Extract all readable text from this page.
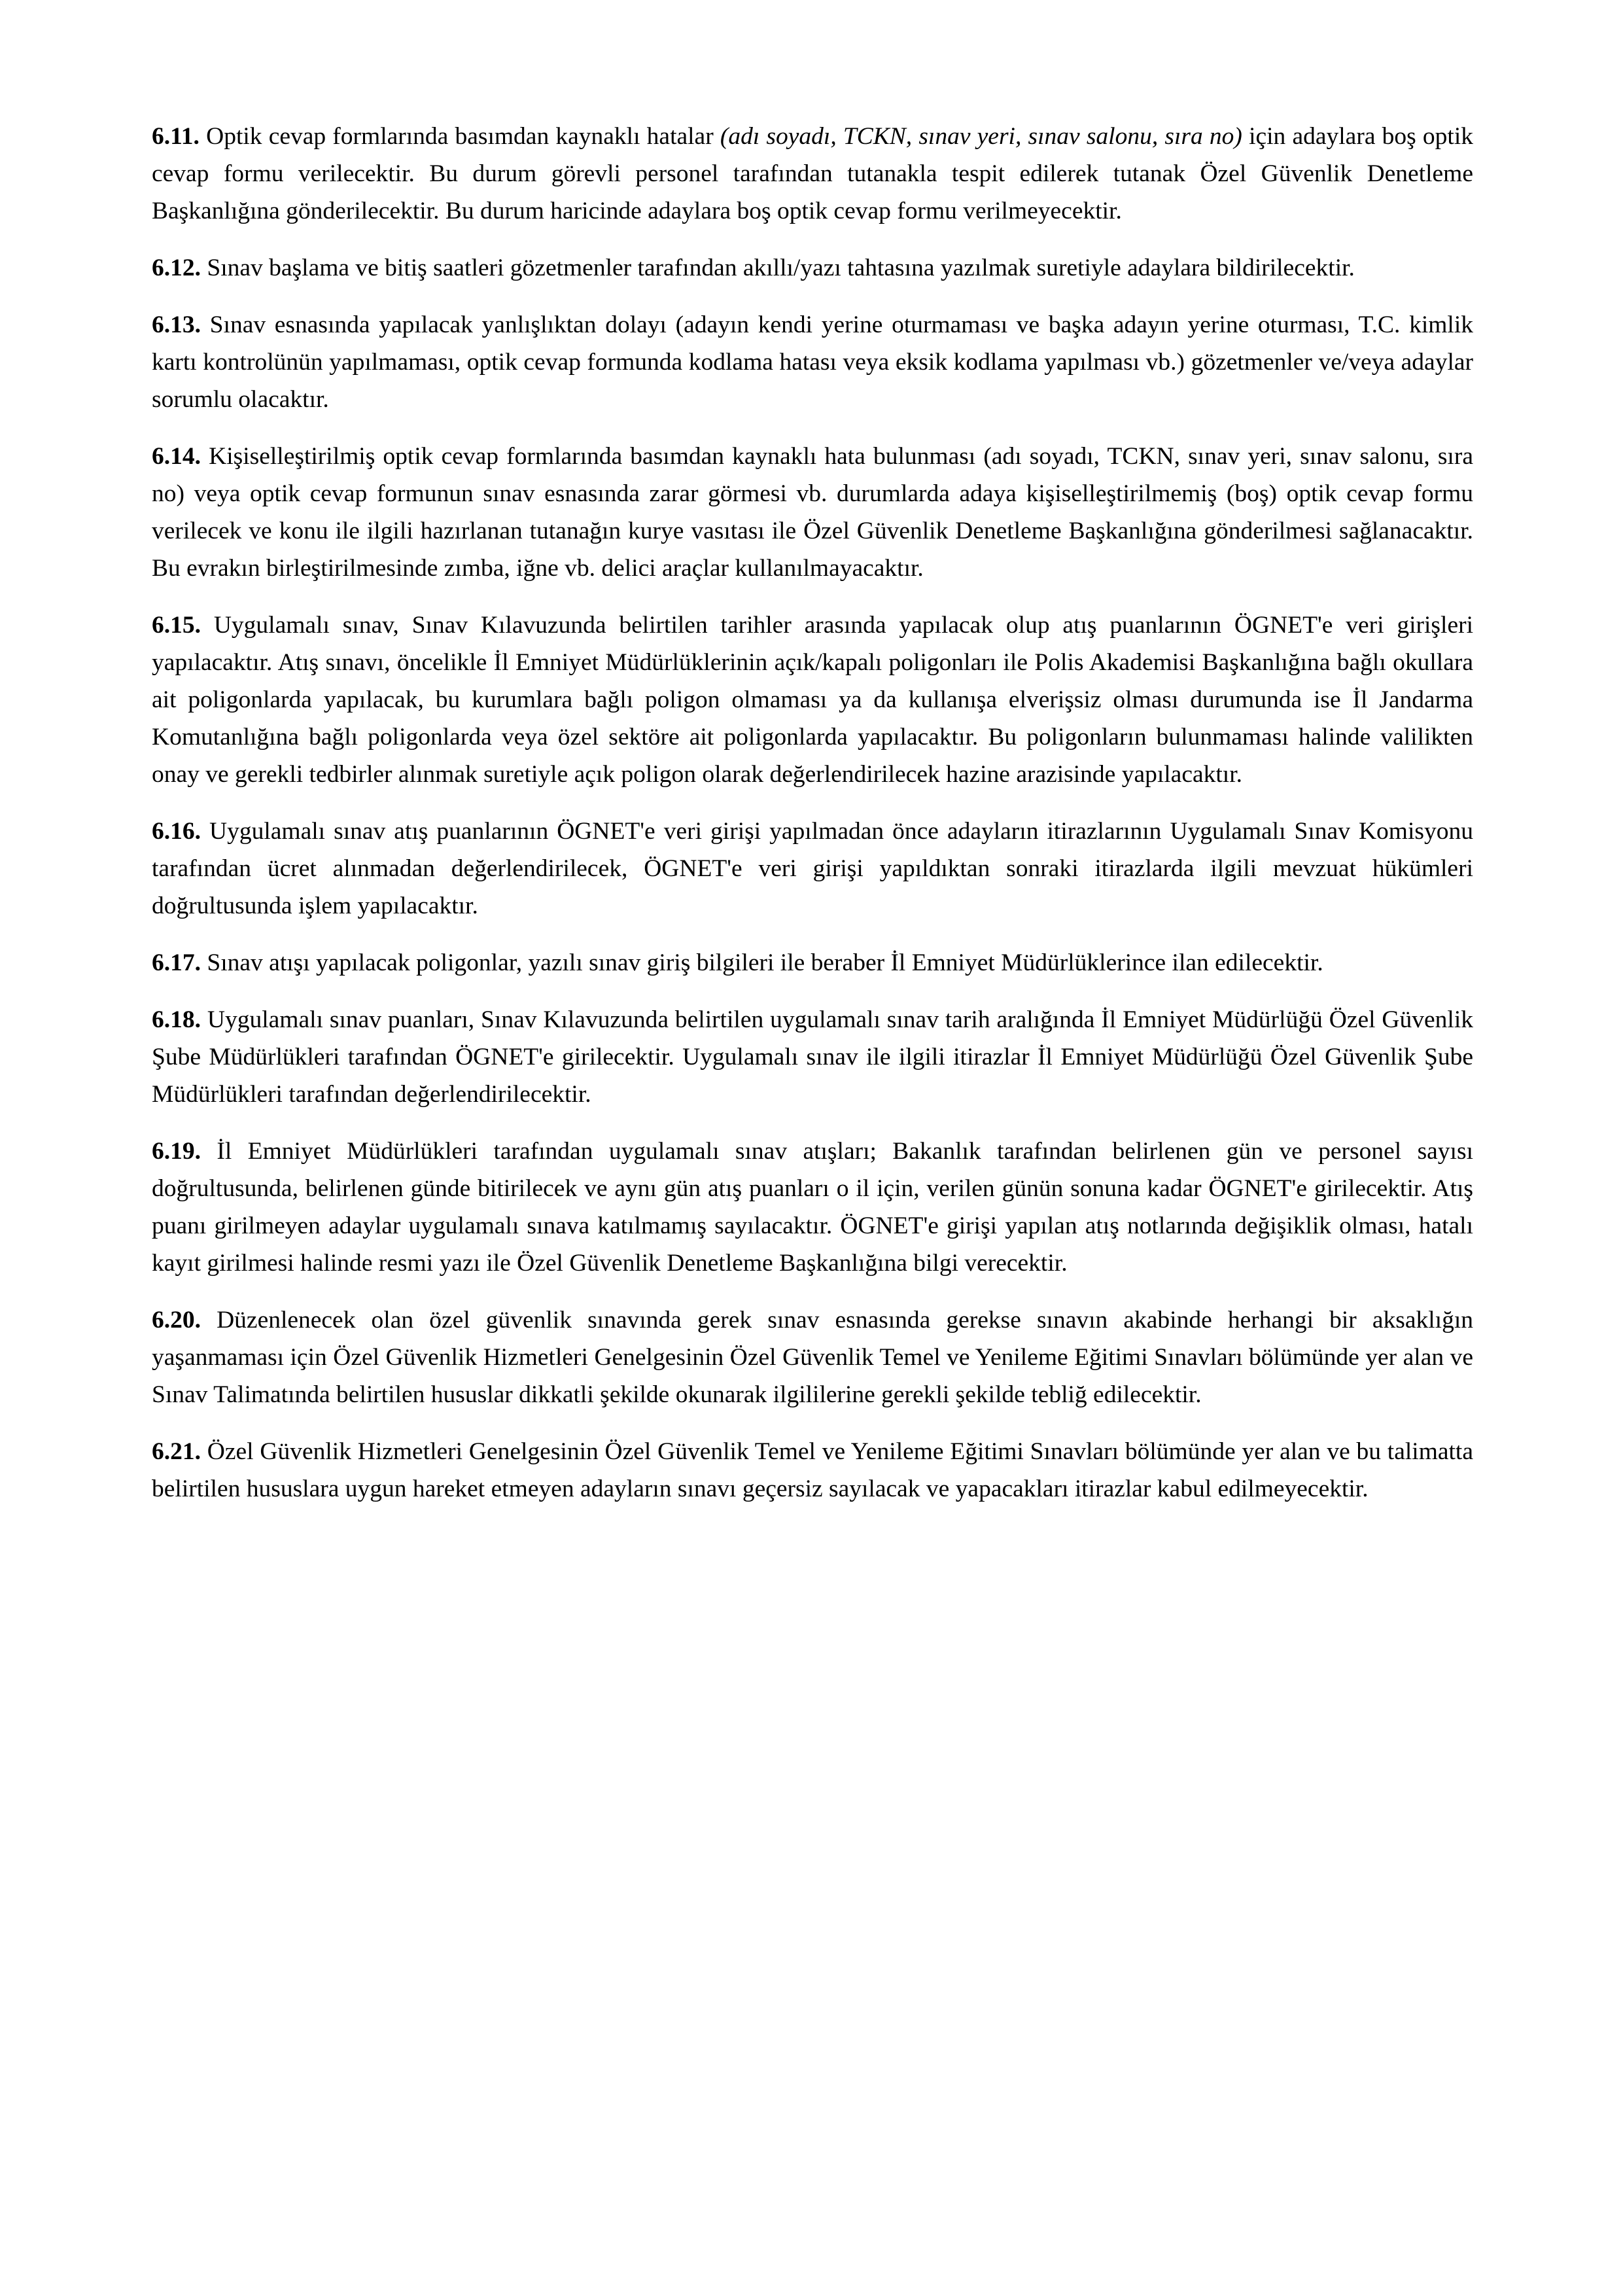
6.11. Optik cevap formlarında basımdan kaynaklı hatalar (adı soyadı, TCKN, sınav yeri, sınav salonu, sıra no) için adaylara boş optik cevap formu verilecektir. Bu durum görevli personel tarafından tutanakla tespit edilerek tutanak Özel Güvenlik Denetleme Başkanlığına gönderilecektir. Bu durum haricinde adaylara boş optik cevap formu verilmeyecektir.

6.12. Sınav başlama ve bitiş saatleri gözetmenler tarafından akıllı/yazı tahtasına yazılmak suretiyle adaylara bildirilecektir.

6.13. Sınav esnasında yapılacak yanlışlıktan dolayı (adayın kendi yerine oturmaması ve başka adayın yerine oturması, T.C. kimlik kartı kontrolünün yapılmaması, optik cevap formunda kodlama hatası veya eksik kodlama yapılması vb.) gözetmenler ve/veya adaylar sorumlu olacaktır.

6.14. Kişiselleştirilmiş optik cevap formlarında basımdan kaynaklı hata bulunması (adı soyadı, TCKN, sınav yeri, sınav salonu, sıra no) veya optik cevap formunun sınav esnasında zarar görmesi vb. durumlarda adaya kişiselleştirilmemiş (boş) optik cevap formu verilecek ve konu ile ilgili hazırlanan tutanağın kurye vasıtası ile Özel Güvenlik Denetleme Başkanlığına gönderilmesi sağlanacaktır. Bu evrakın birleştirilmesinde zımba, iğne vb. delici araçlar kullanılmayacaktır.

6.15. Uygulamalı sınav, Sınav Kılavuzunda belirtilen tarihler arasında yapılacak olup atış puanlarının ÖGNET'e veri girişleri yapılacaktır. Atış sınavı, öncelikle İl Emniyet Müdürlüklerinin açık/kapalı poligonları ile Polis Akademisi Başkanlığına bağlı okullara ait poligonlarda yapılacak, bu kurumlara bağlı poligon olmaması ya da kullanışa elverişsiz olması durumunda ise İl Jandarma Komutanlığına bağlı poligonlarda veya özel sektöre ait poligonlarda yapılacaktır. Bu poligonların bulunmaması halinde valilikten onay ve gerekli tedbirler alınmak suretiyle açık poligon olarak değerlendirilecek hazine arazisinde yapılacaktır.

6.16. Uygulamalı sınav atış puanlarının ÖGNET'e veri girişi yapılmadan önce adayların itirazlarının Uygulamalı Sınav Komisyonu tarafından ücret alınmadan değerlendirilecek, ÖGNET'e veri girişi yapıldıktan sonraki itirazlarda ilgili mevzuat hükümleri doğrultusunda işlem yapılacaktır.

6.17. Sınav atışı yapılacak poligonlar, yazılı sınav giriş bilgileri ile beraber İl Emniyet Müdürlüklerince ilan edilecektir.

6.18. Uygulamalı sınav puanları, Sınav Kılavuzunda belirtilen uygulamalı sınav tarih aralığında İl Emniyet Müdürlüğü Özel Güvenlik Şube Müdürlükleri tarafından ÖGNET'e girilecektir. Uygulamalı sınav ile ilgili itirazlar İl Emniyet Müdürlüğü Özel Güvenlik Şube Müdürlükleri tarafından değerlendirilecektir.

6.19. İl Emniyet Müdürlükleri tarafından uygulamalı sınav atışları; Bakanlık tarafından belirlenen gün ve personel sayısı doğrultusunda, belirlenen günde bitirilecek ve aynı gün atış puanları o il için, verilen günün sonuna kadar ÖGNET'e girilecektir. Atış puanı girilmeyen adaylar uygulamalı sınava katılmamış sayılacaktır. ÖGNET'e girişi yapılan atış notlarında değişiklik olması, hatalı kayıt girilmesi halinde resmi yazı ile Özel Güvenlik Denetleme Başkanlığına bilgi verecektir.

6.20. Düzenlenecek olan özel güvenlik sınavında gerek sınav esnasında gerekse sınavın akabinde herhangi bir aksaklığın yaşanmaması için Özel Güvenlik Hizmetleri Genelgesinin Özel Güvenlik Temel ve Yenileme Eğitimi Sınavları bölümünde yer alan ve Sınav Talimatında belirtilen hususlar dikkatli şekilde okunarak ilgililerine gerekli şekilde tebliğ edilecektir.

6.21. Özel Güvenlik Hizmetleri Genelgesinin Özel Güvenlik Temel ve Yenileme Eğitimi Sınavları bölümünde yer alan ve bu talimatta belirtilen hususlara uygun hareket etmeyen adayların sınavı geçersiz sayılacak ve yapacakları itirazlar kabul edilmeyecektir.
